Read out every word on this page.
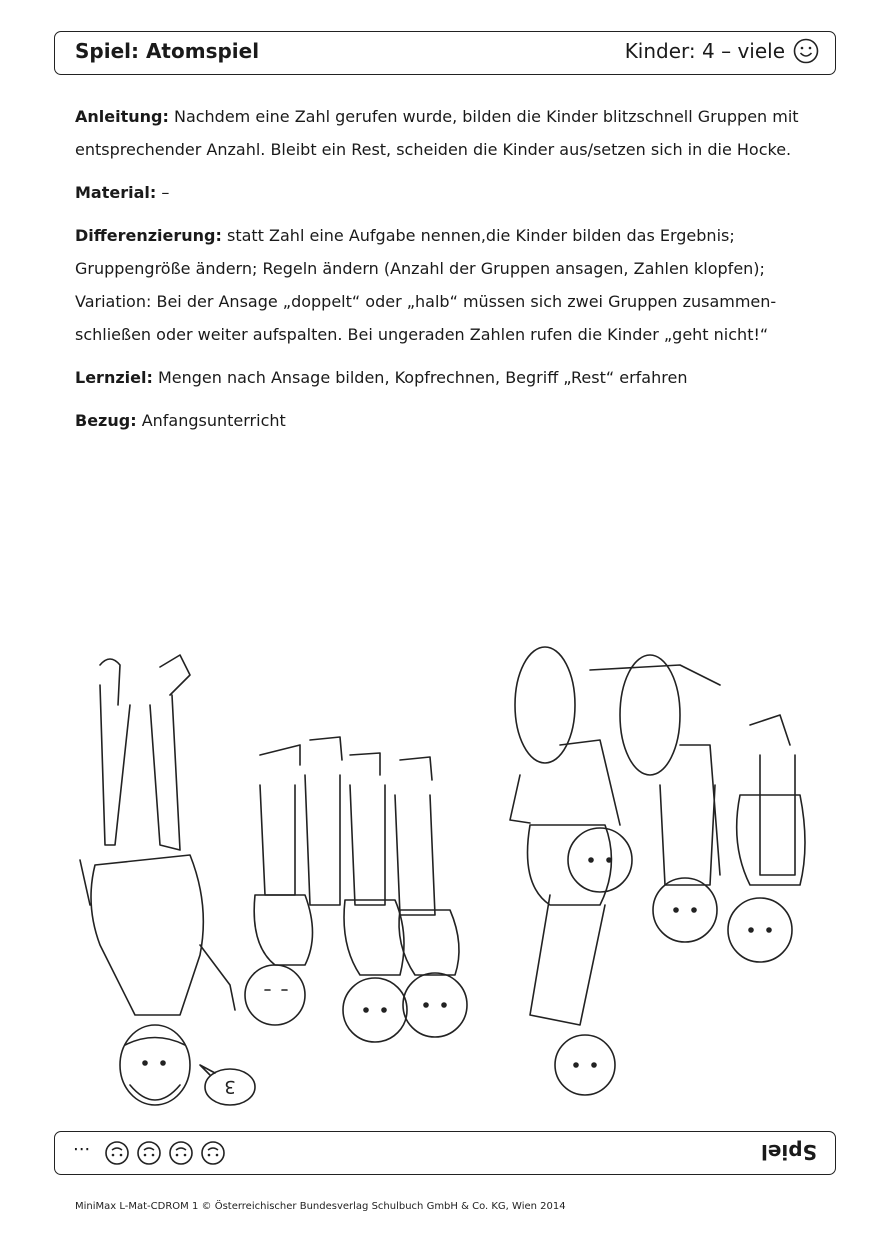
Spiel: Atomspiel	Kinder: 4 – viele

Anleitung: Nachdem eine Zahl gerufen wurde, bilden die Kinder blitzschnell Gruppen mit entsprechender Anzahl. Bleibt ein Rest, scheiden die Kinder aus/setzen sich in die Hocke.

Material: –

Differenzierung: statt Zahl eine Aufgabe nennen,die Kinder bilden das Ergebnis; Gruppengröße ändern; Regeln ändern (Anzahl der Gruppen ansagen, Zahlen klopfen); Variation: Bei der Ansage „doppelt“ oder „halb“ müssen sich zwei Gruppen zusammen-schließen oder weiter aufspalten. Bei ungeraden Zahlen rufen die Kinder „geht nicht!“

Lernziel: Mengen nach Ansage bilden, Kopfrechnen, Begriff „Rest“ erfahren

Bezug: Anfangsunterricht

3
...	Spiel
MiniMax L-Mat-CDROM 1 © Österreichischer Bundesverlag Schulbuch GmbH & Co. KG, Wien 2014
